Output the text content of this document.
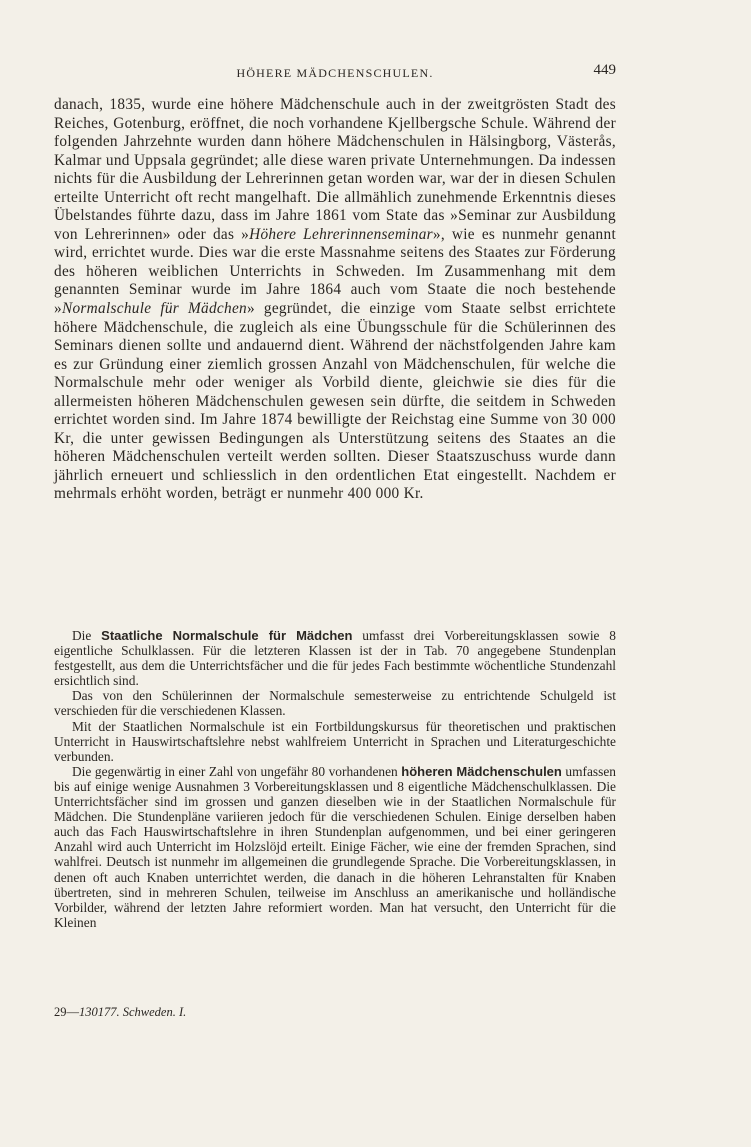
HÖHERE MÄDCHENSCHULEN.	449

danach, 1835, wurde eine höhere Mädchenschule auch in der zweitgrösten Stadt des Reiches, Gotenburg, eröffnet, die noch vorhandene Kjellbergsche Schule. Während der folgenden Jahrzehnte wurden dann höhere Mädchenschulen in Hälsingborg, Västerås, Kalmar und Uppsala gegründet; alle diese waren private Unternehmungen. Da indessen nichts für die Ausbildung der Lehrerinnen getan worden war, war der in diesen Schulen erteilte Unterricht oft recht mangelhaft. Die allmählich zunehmende Erkenntnis dieses Übelstandes führte dazu, dass im Jahre 1861 vom State das »Seminar zur Ausbildung von Lehrerinnen» oder das »Höhere Lehrerinnenseminar», wie es nunmehr genannt wird, errichtet wurde. Dies war die erste Massnahme seitens des Staates zur Förderung des höheren weiblichen Unterrichts in Schweden. Im Zusammenhang mit dem genannten Seminar wurde im Jahre 1864 auch vom Staate die noch bestehende »Normalschule für Mädchen» gegründet, die einzige vom Staate selbst errichtete höhere Mädchenschule, die zugleich als eine Übungsschule für die Schülerinnen des Seminars dienen sollte und andauernd dient. Während der nächstfolgenden Jahre kam es zur Gründung einer ziemlich grossen Anzahl von Mädchenschulen, für welche die Normalschule mehr oder weniger als Vorbild diente, gleichwie sie dies für die allermeisten höheren Mädchenschulen gewesen sein dürfte, die seitdem in Schweden errichtet worden sind. Im Jahre 1874 bewilligte der Reichstag eine Summe von 30 000 Kr, die unter gewissen Bedingungen als Unterstützung seitens des Staates an die höheren Mädchenschulen verteilt werden sollten. Dieser Staatszuschuss wurde dann jährlich erneuert und schliesslich in den ordentlichen Etat eingestellt. Nachdem er mehrmals erhöht worden, beträgt er nunmehr 400 000 Kr.

Die Staatliche Normalschule für Mädchen umfasst drei Vorbereitungsklassen sowie 8 eigentliche Schulklassen. Für die letzteren Klassen ist der in Tab. 70 angegebene Stundenplan festgestellt, aus dem die Unterrichtsfächer und die für jedes Fach bestimmte wöchentliche Stundenzahl ersichtlich sind.

Das von den Schülerinnen der Normalschule semesterweise zu entrichtende Schulgeld ist verschieden für die verschiedenen Klassen.

Mit der Staatlichen Normalschule ist ein Fortbildungskursus für theoretischen und praktischen Unterricht in Hauswirtschaftslehre nebst wahlfreiem Unterricht in Sprachen und Literaturgeschichte verbunden.

Die gegenwärtig in einer Zahl von ungefähr 80 vorhandenen höheren Mädchenschulen umfassen bis auf einige wenige Ausnahmen 3 Vorbereitungsklassen und 8 eigentliche Mädchenschulklassen. Die Unterrichtsfächer sind im grossen und ganzen dieselben wie in der Staatlichen Normalschule für Mädchen. Die Stundenpläne variieren jedoch für die verschiedenen Schulen. Einige derselben haben auch das Fach Hauswirtschaftslehre in ihren Stundenplan aufgenommen, und bei einer geringeren Anzahl wird auch Unterricht im Holzslöjd erteilt. Einige Fächer, wie eine der fremden Sprachen, sind wahlfrei. Deutsch ist nunmehr im allgemeinen die grundlegende Sprache. Die Vorbereitungsklassen, in denen oft auch Knaben unterrichtet werden, die danach in die höheren Lehranstalten für Knaben übertreten, sind in mehreren Schulen, teilweise im Anschluss an amerikanische und holländische Vorbilder, während der letzten Jahre reformiert worden. Man hat versucht, den Unterricht für die Kleinen

29—130177. Schweden. I.
